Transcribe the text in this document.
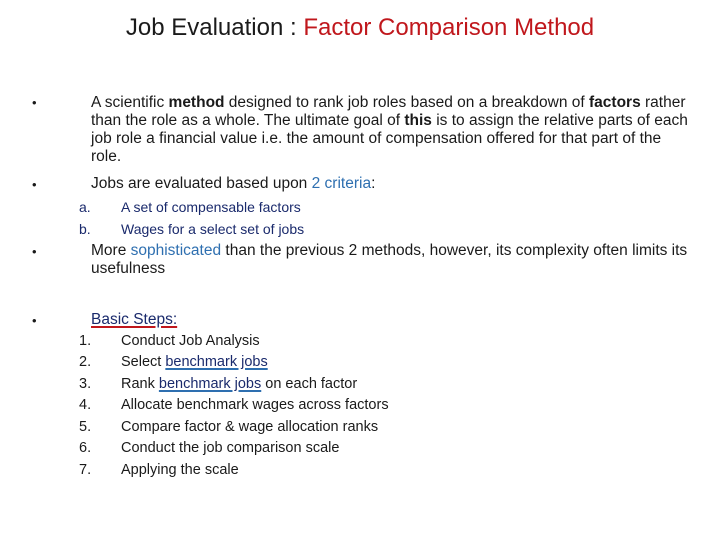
Job Evaluation : Factor Comparison Method
•	A scientific method designed to rank job roles based on a breakdown of factors rather than the role as a whole. The ultimate goal of this is to assign the relative parts of each job role a financial value i.e. the amount of compensation offered for that part of the role.
•	Jobs are evaluated based upon 2 criteria:
a.	A set of compensable factors
b.	Wages for a select set of jobs
•	More sophisticated than the previous 2 methods, however, its complexity often limits its usefulness
•	Basic Steps:
1.	Conduct Job Analysis
2.	Select benchmark jobs
3.	Rank benchmark jobs on each factor
4.	Allocate benchmark wages across factors
5.	Compare factor & wage allocation ranks
6.	Conduct the job comparison scale
7.	Applying the scale
